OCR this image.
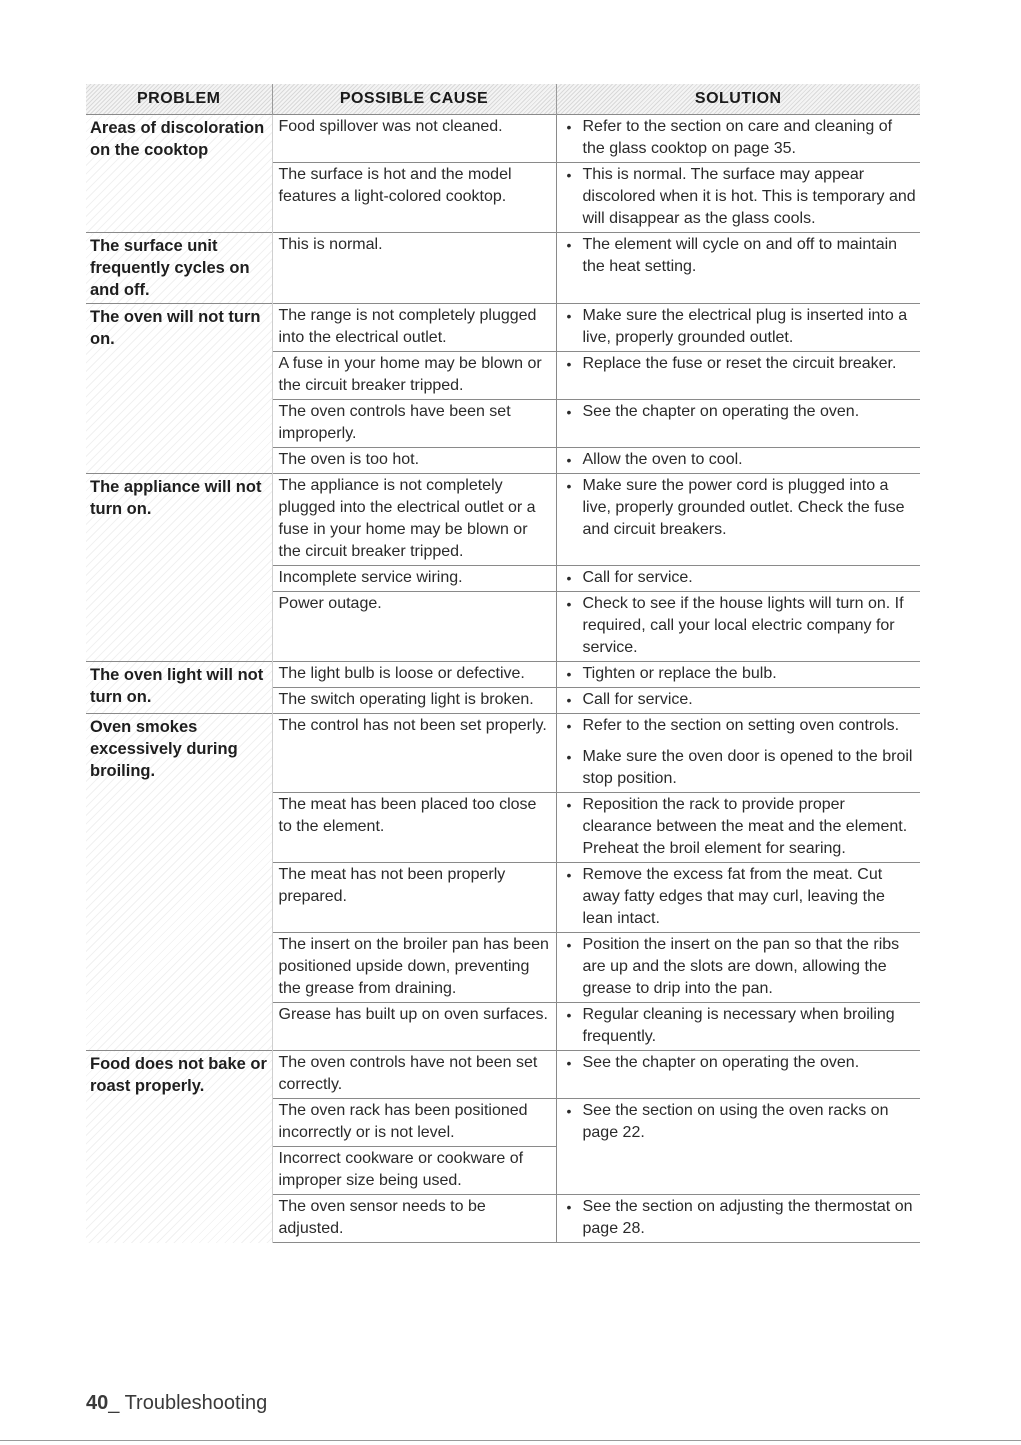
PROBLEM	POSSIBLE CAUSE	SOLUTION
Areas of discoloration on the cooktop	Food spillover was not cleaned.	• Refer to the section on care and cleaning of the glass cooktop on page 35.

	The surface is hot and the model features a light-colored cooktop.	• This is normal. The surface may appear discolored when it is hot. This is temporary and will disappear as the glass cools.

The surface unit frequently cycles on and off.	This is normal.	• The element will cycle on and off to maintain the heat setting.

The oven will not turn on.	The range is not completely plugged into the electrical outlet.	• Make sure the electrical plug is inserted into a live, properly grounded outlet.

	A fuse in your home may be blown or the circuit breaker tripped.	• Replace the fuse or reset the circuit breaker.

	The oven controls have been set improperly.	• See the chapter on operating the oven.

	The oven is too hot.	• Allow the oven to cool.

The appliance will not turn on.	The appliance is not completely plugged into the electrical outlet or a fuse in your home may be blown or the circuit breaker tripped.	• Make sure the power cord is plugged into a live, properly grounded outlet. Check the fuse and circuit breakers.

	Incomplete service wiring.	• Call for service.

	Power outage.	• Check to see if the house lights will turn on. If required, call your local electric company for service.

The oven light will not turn on.	The light bulb is loose or defective.	• Tighten or replace the bulb.

	The switch operating light is broken.	• Call for service.

Oven smokes excessively during broiling.	The control has not been set properly.	• Refer to the section on setting oven controls.

• Make sure the oven door is opened to the broil stop position.

	The meat has been placed too close to the element.	• Reposition the rack to provide proper clearance between the meat and the element. Preheat the broil element for searing.

	The meat has not been properly prepared.	• Remove the excess fat from the meat. Cut away fatty edges that may curl, leaving the lean intact.

	The insert on the broiler pan has been positioned upside down, preventing the grease from draining.	• Position the insert on the pan so that the ribs are up and the slots are down, allowing the grease to drip into the pan.

	Grease has built up on oven surfaces.	• Regular cleaning is necessary when broiling frequently.

Food does not bake or roast properly.	The oven controls have not been set correctly.	• See the chapter on operating the oven.

	The oven rack has been positioned incorrectly or is not level.	• See the section on using the oven racks on page 22.

	Incorrect cookware or cookware of improper size being used.	
	The oven sensor needs to be adjusted.	• See the section on adjusting the thermostat on page 28.

40_ Troubleshooting
